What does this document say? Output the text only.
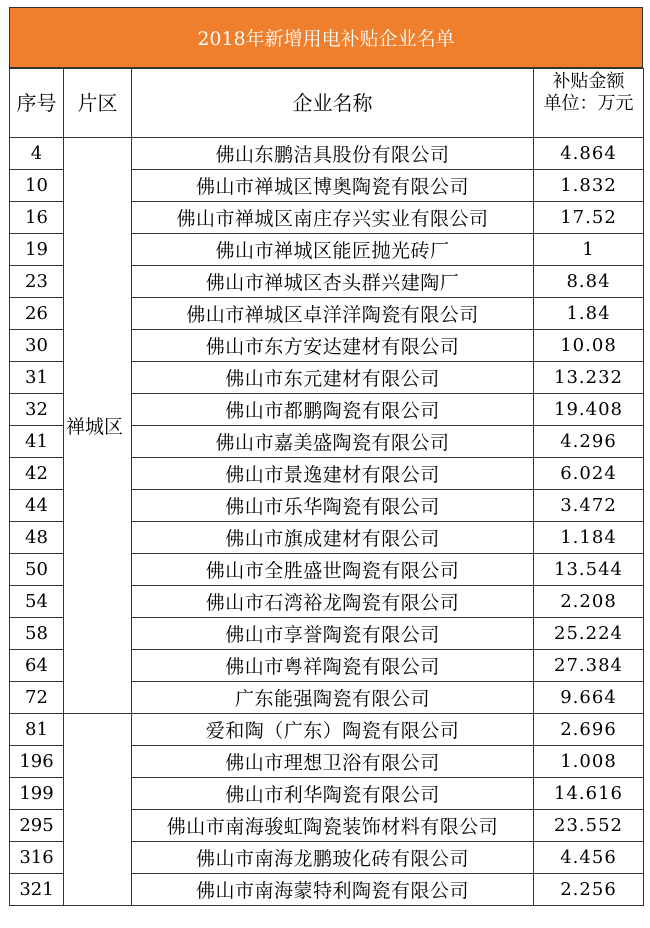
2018年新增用电补贴企业名单
序号	片区	企业名称	补贴金额
单位：万元

4	禅城区	佛山东鹏洁具股份有限公司	4.864
10		佛山市禅城区博奥陶瓷有限公司	1.832
16		佛山市禅城区南庄存兴实业有限公司	17.52
19		佛山市禅城区能匠抛光砖厂	1
23		佛山市禅城区杏头群兴建陶厂	8.84
26		佛山市禅城区卓洋洋陶瓷有限公司	1.84
30		佛山市东方安达建材有限公司	10.08
31		佛山市东元建材有限公司	13.232
32		佛山市都鹏陶瓷有限公司	19.408
41		佛山市嘉美盛陶瓷有限公司	4.296
42		佛山市景逸建材有限公司	6.024
44		佛山市乐华陶瓷有限公司	3.472
48		佛山市旗成建材有限公司	1.184
50		佛山市全胜盛世陶瓷有限公司	13.544
54		佛山市石湾裕龙陶瓷有限公司	2.208
58		佛山市享誉陶瓷有限公司	25.224
64		佛山市粤祥陶瓷有限公司	27.384
72		广东能强陶瓷有限公司	9.664
81		爱和陶（广东）陶瓷有限公司	2.696
196		佛山市理想卫浴有限公司	1.008
199		佛山市利华陶瓷有限公司	14.616
295		佛山市南海骏虹陶瓷装饰材料有限公司	23.552
316		佛山市南海龙鹏玻化砖有限公司	4.456
321		佛山市南海蒙特利陶瓷有限公司	2.256
